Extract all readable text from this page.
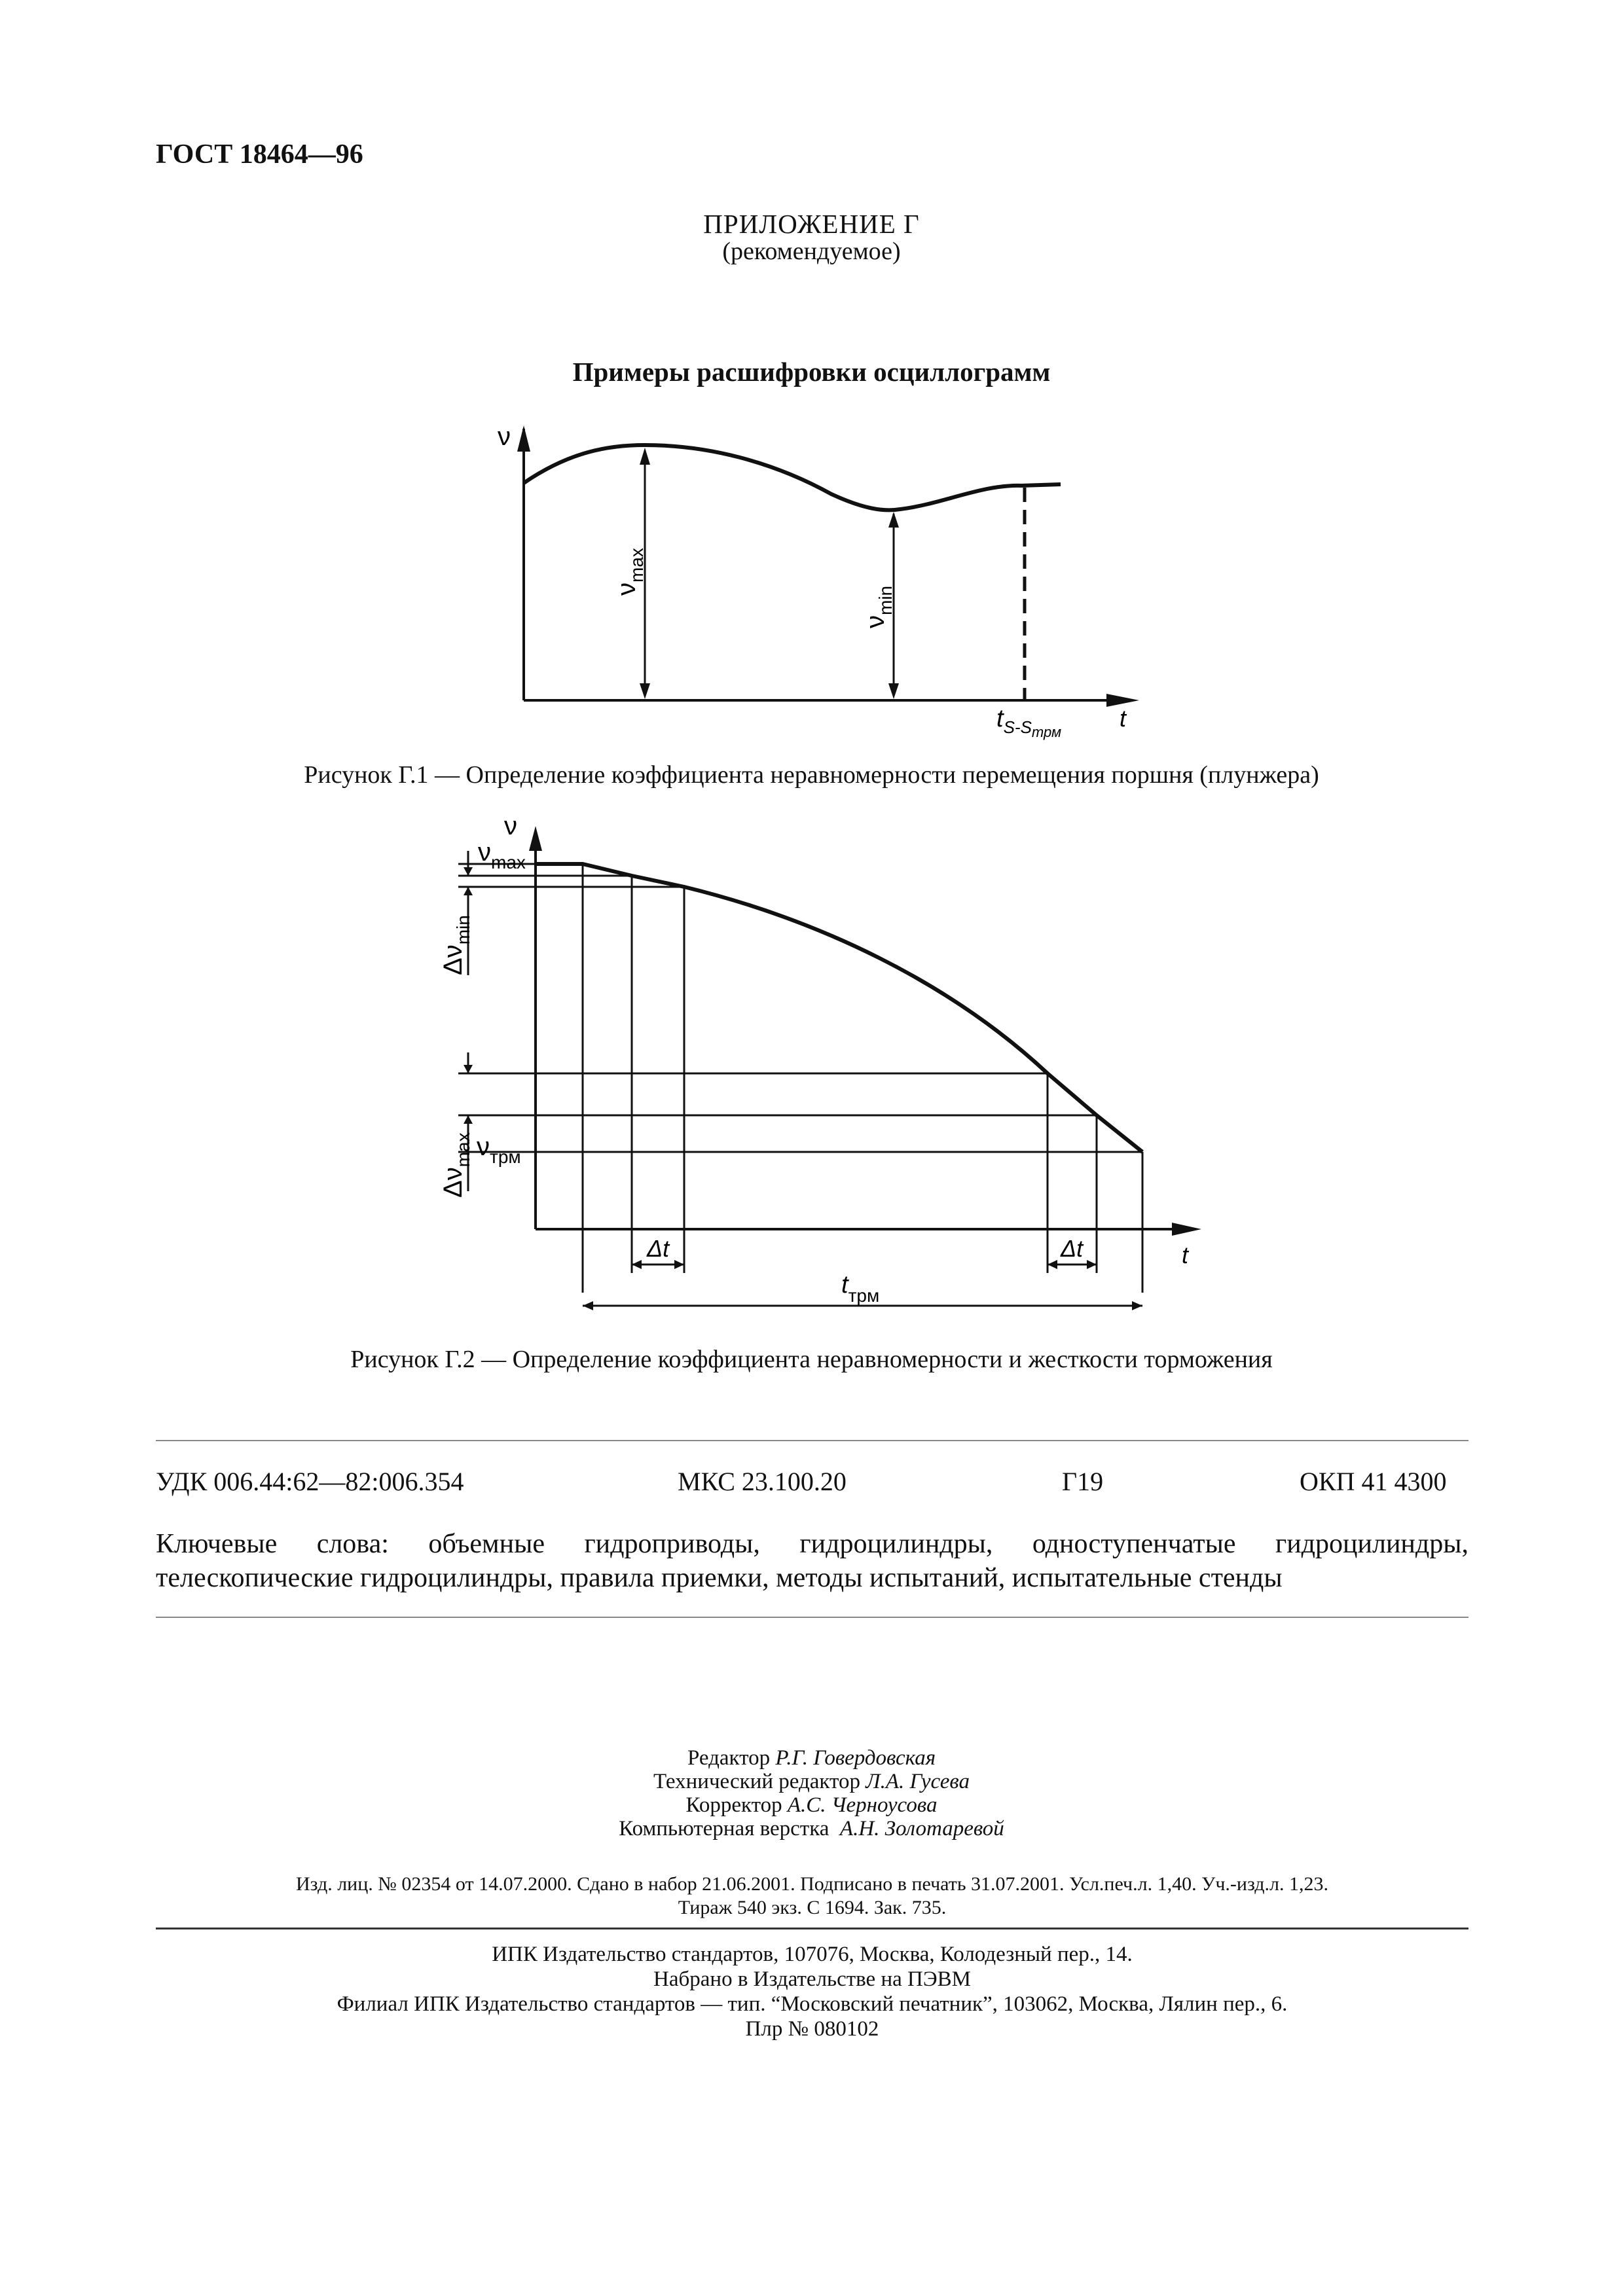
ГОСТ 18464—96
ПРИЛОЖЕНИЕ Г
(рекомендуемое)
Примеры расшифровки осциллограмм
ν
t
$\nu_{max}$
$\nu_{min}$
$t_{S-S}трм$
Рисунок Г.1 — Определение коэффициента неравномерности перемещения поршня (плунжера)
ν
t
$\nu_{max}$
$\Delta\nu_{min}$
$\Delta\nu_{max}$ $\nu_{трм}$
Δt	Δt
$t_{трм}$
Рисунок Г.2 — Определение коэффициента неравномерности и жесткости торможения
УДК 006.44:62—82:006.354	МКС 23.100.20	Г19	ОКП 41 4300
Ключевые слова: объемные гидроприводы, гидроцилиндры, одноступенчатые гидроцилиндры, телескопические гидроцилиндры, правила приемки, методы испытаний, испытательные стенды
Редактор Р.Г. Говердовская
Технический редактор Л.А. Гусева
Корректор А.С. Черноусова
Компьютерная верстка А.Н. Золотаревой
Изд. лиц. № 02354 от 14.07.2000. Сдано в набор 21.06.2001. Подписано в печать 31.07.2001. Усл.печ.л. 1,40. Уч.-изд.л. 1,23.
Тираж 540 экз. С 1694. Зак. 735.
ИПК Издательство стандартов, 107076, Москва, Колодезный пер., 14.
Набрано в Издательстве на ПЭВМ
Филиал ИПК Издательство стандартов — тип. “Московский печатник”, 103062, Москва, Лялин пер., 6.
Плр № 080102
